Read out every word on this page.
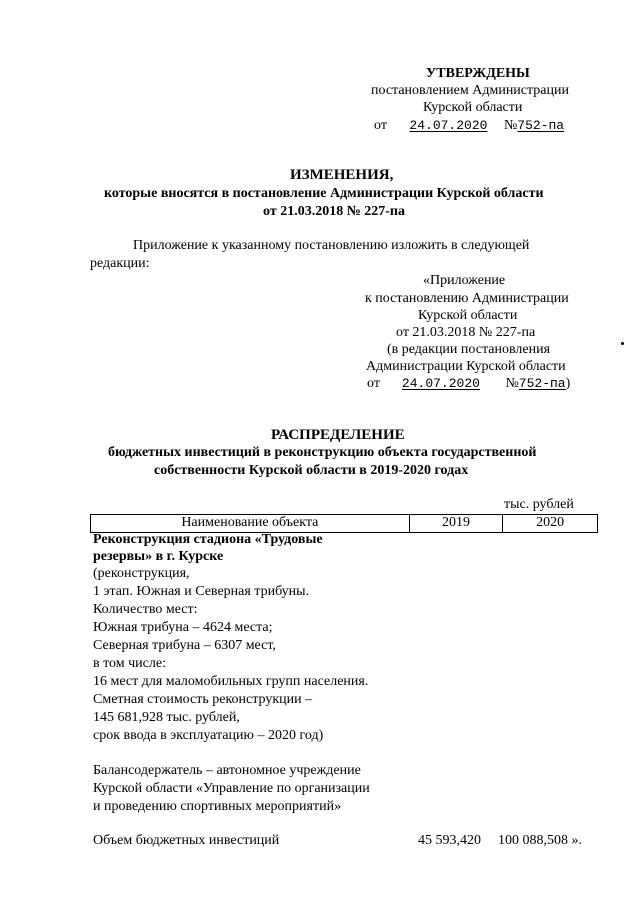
УТВЕРЖДЕНЫ
постановлением Администрации
Курской области
от 24.07.2020 №752-па
ИЗМЕНЕНИЯ,
которые вносятся в постановление Администрации Курской области
от 21.03.2018 № 227-па
Приложение к указанному постановлению изложить в следующей
редакции:
«Приложение
к постановлению Администрации
Курской области
от 21.03.2018 № 227-па
(в редакции постановления
Администрации Курской области
от 24.07.2020 №752-па)
РАСПРЕДЕЛЕНИЕ
бюджетных инвестиций в реконструкцию объекта государственной
собственности Курской области в 2019-2020 годах
тыс. рублей
Наименование объекта	2019	2020
Реконструкция стадиона «Трудовые
резервы» в г. Курске
(реконструкция,
1 этап. Южная и Северная трибуны.
Количество мест:
Южная трибуна – 4624 места;
Северная трибуна – 6307 мест,
в том числе:
16 мест для маломобильных групп населения.
Сметная стоимость реконструкции –
145 681,928 тыс. рублей,
срок ввода в эксплуатацию – 2020 год)
Балансодержатель – автономное учреждение
Курской области «Управление по организации
и проведению спортивных мероприятий»
Объем бюджетных инвестиций	45 593,420 100 088,508 ».
